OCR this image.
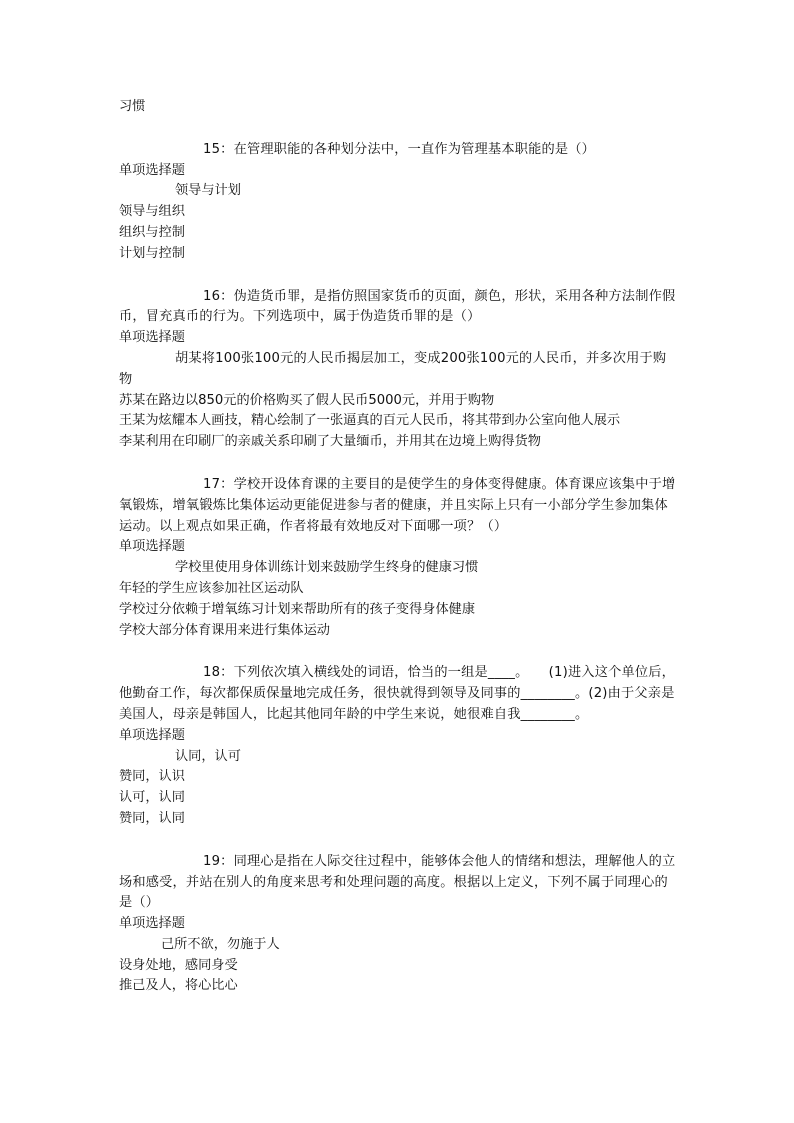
习惯

15：在管理职能的各种划分法中，一直作为管理基本职能的是（）

单项选择题
领导与计划
领导与组织
组织与控制
计划与控制

16：伪造货币罪，是指仿照国家货币的页面，颜色，形状，采用各种方法制作假币，冒充真币的行为。下列选项中，属于伪造货币罪的是（）

单项选择题

胡某将100张100元的人民币揭层加工，变成200张100元的人民币，并多次用于购物

苏某在路边以850元的价格购买了假人民币5000元，并用于购物
王某为炫耀本人画技，精心绘制了一张逼真的百元人民币，将其带到办公室向他人展示
李某利用在印刷厂的亲戚关系印刷了大量缅币，并用其在边境上购得货物

17：学校开设体育课的主要目的是使学生的身体变得健康。体育课应该集中于增氧锻炼，增氧锻炼比集体运动更能促进参与者的健康，并且实际上只有一小部分学生参加集体运动。以上观点如果正确，作者将最有效地反对下面哪一项？（）

单项选择题
学校里使用身体训练计划来鼓励学生终身的健康习惯
年轻的学生应该参加社区运动队
学校过分依赖于增氧练习计划来帮助所有的孩子变得身体健康
学校大部分体育课用来进行集体运动

18：下列依次填入横线处的词语，恰当的一组是____。　　(1)进入这个单位后，他勤奋工作，每次都保质保量地完成任务，很快就得到领导及同事的________。(2)由于父亲是美国人，母亲是韩国人，比起其他同年龄的中学生来说，她很难自我________。

单项选择题
认同，认可
赞同，认识
认可，认同
赞同，认同

19：同理心是指在人际交往过程中，能够体会他人的情绪和想法，理解他人的立场和感受，并站在别人的角度来思考和处理问题的高度。根据以上定义，下列不属于同理心的是（）

单项选择题
己所不欲，勿施于人
设身处地，感同身受
推己及人，将心比心
